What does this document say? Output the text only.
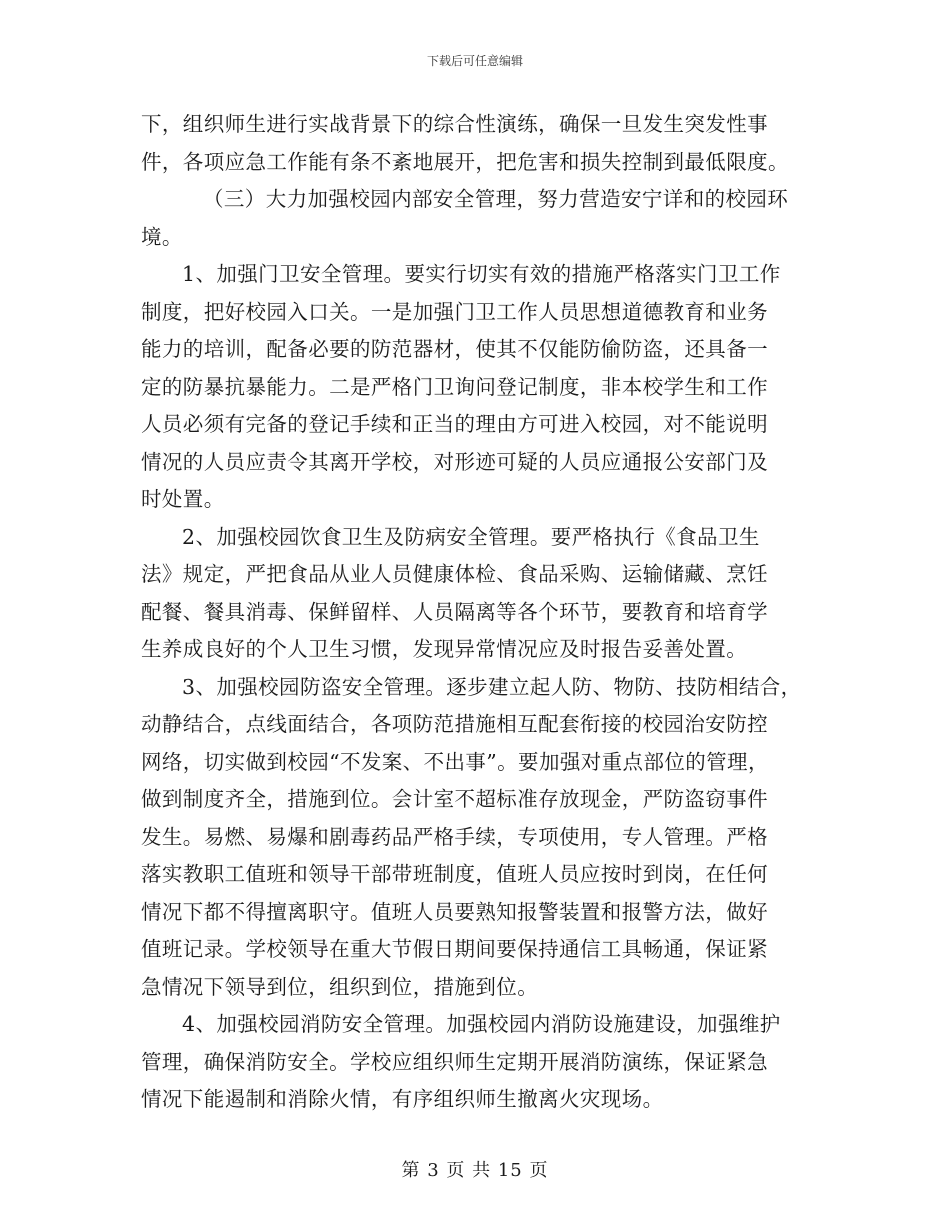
下载后可任意编辑
下，组织师生进行实战背景下的综合性演练，确保一旦发生突发性事
件，各项应急工作能有条不紊地展开，把危害和损失控制到最低限度。
（三）大力加强校园内部安全管理，努力营造安宁详和的校园环
境。
1、加强门卫安全管理。要实行切实有效的措施严格落实门卫工作
制度，把好校园入口关。一是加强门卫工作人员思想道德教育和业务
能力的培训，配备必要的防范器材，使其不仅能防偷防盗，还具备一
定的防暴抗暴能力。二是严格门卫询问登记制度，非本校学生和工作
人员必须有完备的登记手续和正当的理由方可进入校园，对不能说明
情况的人员应责令其离开学校，对形迹可疑的人员应通报公安部门及
时处置。
2、加强校园饮食卫生及防病安全管理。要严格执行《食品卫生
法》规定，严把食品从业人员健康体检、食品采购、运输储藏、烹饪
配餐、餐具消毒、保鲜留样、人员隔离等各个环节，要教育和培育学
生养成良好的个人卫生习惯，发现异常情况应及时报告妥善处置。
3、加强校园防盗安全管理。逐步建立起人防、物防、技防相结合，
动静结合，点线面结合，各项防范措施相互配套衔接的校园治安防控
网络，切实做到校园“不发案、不出事”。要加强对重点部位的管理，
做到制度齐全，措施到位。会计室不超标准存放现金，严防盗窃事件
发生。易燃、易爆和剧毒药品严格手续，专项使用，专人管理。严格
落实教职工值班和领导干部带班制度，值班人员应按时到岗，在任何
情况下都不得擅离职守。值班人员要熟知报警装置和报警方法，做好
值班记录。学校领导在重大节假日期间要保持通信工具畅通，保证紧
急情况下领导到位，组织到位，措施到位。
4、加强校园消防安全管理。加强校园内消防设施建设，加强维护
管理，确保消防安全。学校应组织师生定期开展消防演练，保证紧急
情况下能遏制和消除火情，有序组织师生撤离火灾现场。
第 3 页 共 15 页
